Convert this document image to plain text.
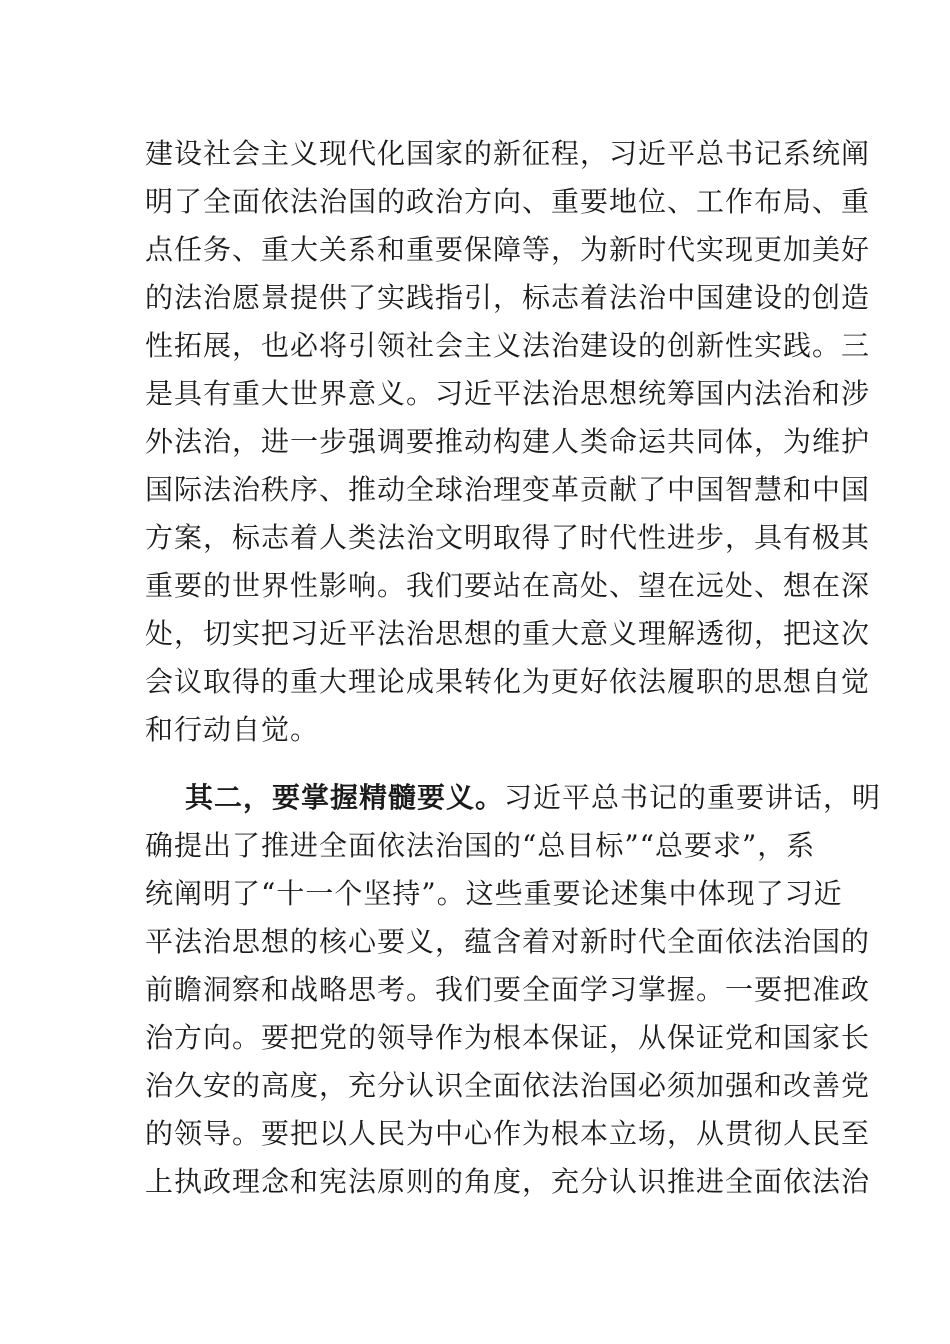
建设社会主义现代化国家的新征程，习近平总书记系统阐
明了全面依法治国的政治方向、重要地位、工作布局、重
点任务、重大关系和重要保障等，为新时代实现更加美好
的法治愿景提供了实践指引，标志着法治中国建设的创造
性拓展，也必将引领社会主义法治建设的创新性实践。三
是具有重大世界意义。习近平法治思想统筹国内法治和涉
外法治，进一步强调要推动构建人类命运共同体，为维护
国际法治秩序、推动全球治理变革贡献了中国智慧和中国
方案，标志着人类法治文明取得了时代性进步，具有极其
重要的世界性影响。我们要站在高处、望在远处、想在深
处，切实把习近平法治思想的重大意义理解透彻，把这次
会议取得的重大理论成果转化为更好依法履职的思想自觉
和行动自觉。
其二，要掌握精髓要义。习近平总书记的重要讲话，明
确提出了推进全面依法治国的“总目标”“总要求”，系
统阐明了“十一个坚持”。这些重要论述集中体现了习近
平法治思想的核心要义，蕴含着对新时代全面依法治国的
前瞻洞察和战略思考。我们要全面学习掌握。一要把准政
治方向。要把党的领导作为根本保证，从保证党和国家长
治久安的高度，充分认识全面依法治国必须加强和改善党
的领导。要把以人民为中心作为根本立场，从贯彻人民至
上执政理念和宪法原则的角度，充分认识推进全面依法治
